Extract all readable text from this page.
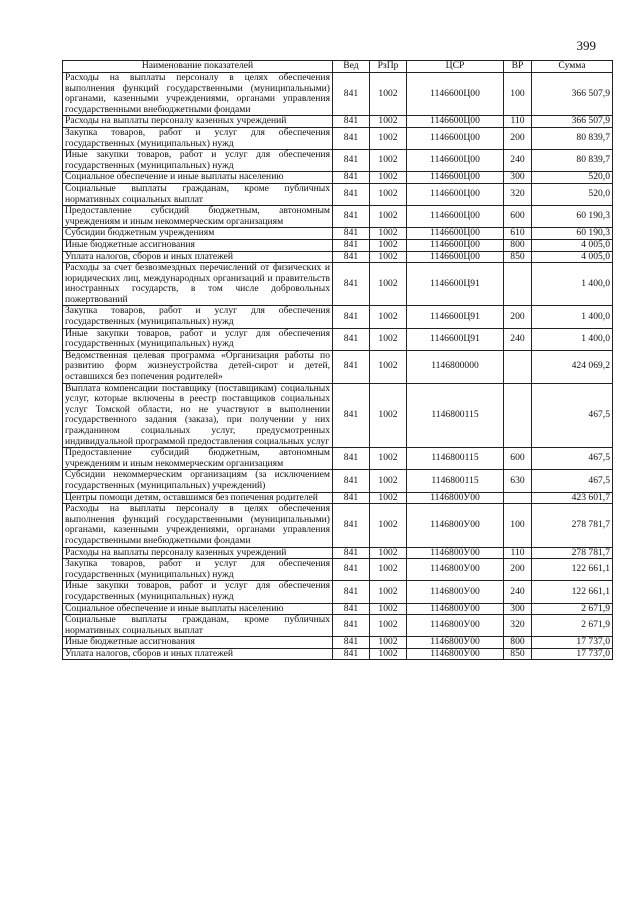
399
Наименование показателей	Вед	РзПр	ЦСР	ВР	Сумма
Расходы на выплаты персоналу в целях обеспечения выполнения функций государственными (муниципальными) органами, казенными учреждениями, органами управления государственными внебюджетными фондами	841	1002	1146600Ц00	100	366 507,9
Расходы на выплаты персоналу казенных учреждений	841	1002	1146600Ц00	110	366 507,9
Закупка товаров, работ и услуг для обеспечения государственных (муниципальных) нужд	841	1002	1146600Ц00	200	80 839,7
Иные закупки товаров, работ и услуг для обеспечения государственных (муниципальных) нужд	841	1002	1146600Ц00	240	80 839,7
Социальное обеспечение и иные выплаты населению	841	1002	1146600Ц00	300	520,0
Социальные выплаты гражданам, кроме публичных нормативных социальных выплат	841	1002	1146600Ц00	320	520,0
Предоставление субсидий бюджетным, автономным учреждениям и иным некоммерческим организациям	841	1002	1146600Ц00	600	60 190,3
Субсидии бюджетным учреждениям	841	1002	1146600Ц00	610	60 190,3
Иные бюджетные ассигнования	841	1002	1146600Ц00	800	4 005,0
Уплата налогов, сборов и иных платежей	841	1002	1146600Ц00	850	4 005,0
Расходы за счет безвозмездных перечислений от физических и юридических лиц, международных организаций и правительств иностранных государств, в том числе добровольных пожертвований	841	1002	1146600Ц91		1 400,0
Закупка товаров, работ и услуг для обеспечения государственных (муниципальных) нужд	841	1002	1146600Ц91	200	1 400,0
Иные закупки товаров, работ и услуг для обеспечения государственных (муниципальных) нужд	841	1002	1146600Ц91	240	1 400,0
Ведомственная целевая программа «Организация работы по развитию форм жизнеустройства детей-сирот и детей, оставшихся без попечения родителей»	841	1002	1146800000		424 069,2
Выплата компенсации поставщику (поставщикам) социальных услуг, которые включены в реестр поставщиков социальных услуг Томской области, но не участвуют в выполнении государственного задания (заказа), при получении у них гражданином социальных услуг, предусмотренных индивидуальной программой предоставления социальных услуг	841	1002	1146800115		467,5
Предоставление субсидий бюджетным, автономным учреждениям и иным некоммерческим организациям	841	1002	1146800115	600	467,5
Субсидии некоммерческим организациям (за исключением государственных (муниципальных) учреждений)	841	1002	1146800115	630	467,5
Центры помощи детям, оставшимся без попечения родителей	841	1002	1146800У00		423 601,7
Расходы на выплаты персоналу в целях обеспечения выполнения функций государственными (муниципальными) органами, казенными учреждениями, органами управления государственными внебюджетными фондами	841	1002	1146800У00	100	278 781,7
Расходы на выплаты персоналу казенных учреждений	841	1002	1146800У00	110	278 781,7
Закупка товаров, работ и услуг для обеспечения государственных (муниципальных) нужд	841	1002	1146800У00	200	122 661,1
Иные закупки товаров, работ и услуг для обеспечения государственных (муниципальных) нужд	841	1002	1146800У00	240	122 661,1
Социальное обеспечение и иные выплаты населению	841	1002	1146800У00	300	2 671,9
Социальные выплаты гражданам, кроме публичных нормативных социальных выплат	841	1002	1146800У00	320	2 671,9
Иные бюджетные ассигнования	841	1002	1146800У00	800	17 737,0
Уплата налогов, сборов и иных платежей	841	1002	1146800У00	850	17 737,0
